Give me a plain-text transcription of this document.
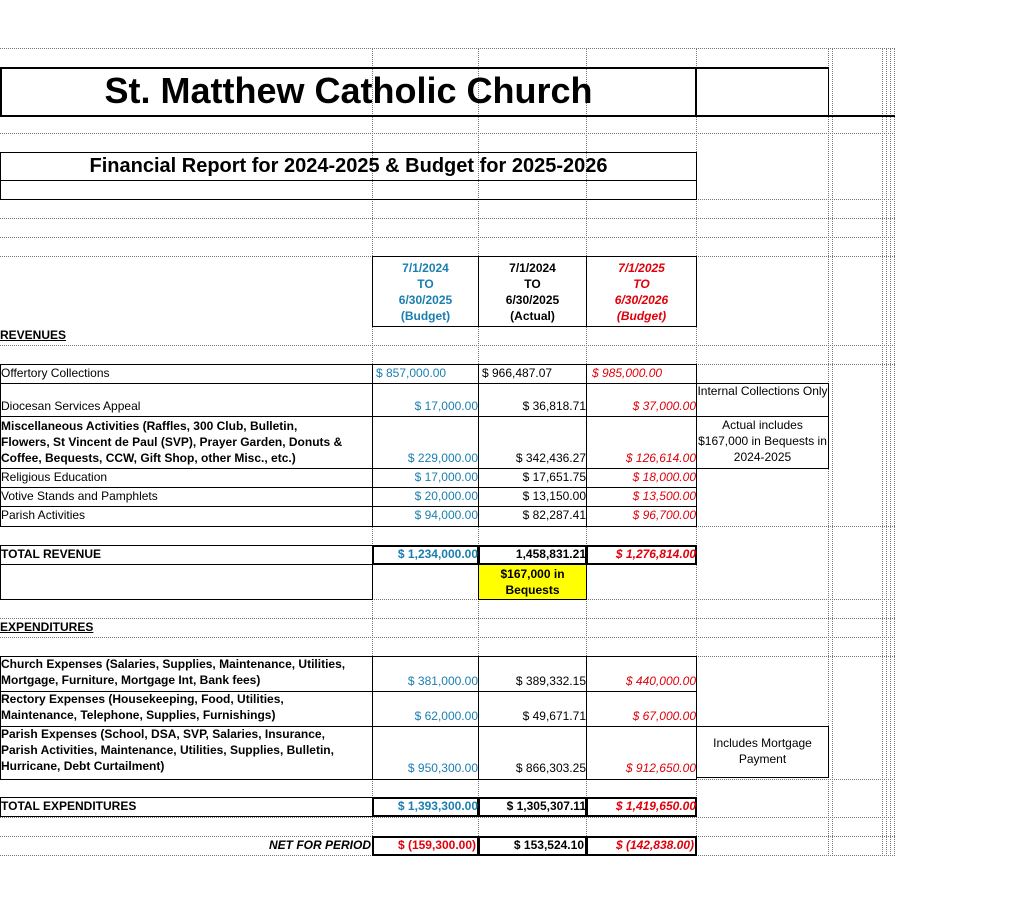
St. Matthew Catholic Church
Financial Report for 2024-2025 & Budget for 2025-2026
7/1/2024
TO
6/30/2025
(Budget)
7/1/2024
TO
6/30/2025
(Actual)
7/1/2025
TO
6/30/2026
(Budget)
REVENUES
Offertory Collections	$ 857,000.00	$ 966,487.07	$ 985,000.00
Diocesan Services Appeal	$ 17,000.00	$ 36,818.71	$ 37,000.00
Internal Collections Only
Miscellaneous Activities (Raffles, 300 Club, Bulletin,
Flowers, St Vincent de Paul (SVP), Prayer Garden, Donuts &
Coffee, Bequests, CCW, Gift Shop, other Misc., etc.)	$ 229,000.00	$ 342,436.27	$ 126,614.00
Actual includes $167,000 in Bequests in 2024-2025
Religious Education	$ 17,000.00	$ 17,651.75	$ 18,000.00
Votive Stands and Pamphlets	$ 20,000.00	$ 13,150.00	$ 13,500.00
Parish Activities	$ 94,000.00	$ 82,287.41	$ 96,700.00
TOTAL REVENUE	$ 1,234,000.00	1,458,831.21	$ 1,276,814.00
$167,000 in Bequests
EXPENDITURES
Church Expenses (Salaries, Supplies, Maintenance, Utilities,
Mortgage, Furniture, Mortgage Int, Bank fees)	$ 381,000.00	$ 389,332.15	$ 440,000.00
Rectory Expenses (Housekeeping, Food, Utilities,
Maintenance, Telephone, Supplies, Furnishings)	$ 62,000.00	$ 49,671.71	$ 67,000.00
Parish Expenses (School, DSA, SVP, Salaries, Insurance,
Parish Activities, Maintenance, Utilities, Supplies, Bulletin,
Hurricane, Debt Curtailment)	$ 950,300.00	$ 866,303.25	$ 912,650.00
Includes Mortgage Payment
TOTAL EXPENDITURES	$ 1,393,300.00	$ 1,305,307.11	$ 1,419,650.00
NET FOR PERIOD	$ (159,300.00)	$ 153,524.10	$ (142,838.00)
